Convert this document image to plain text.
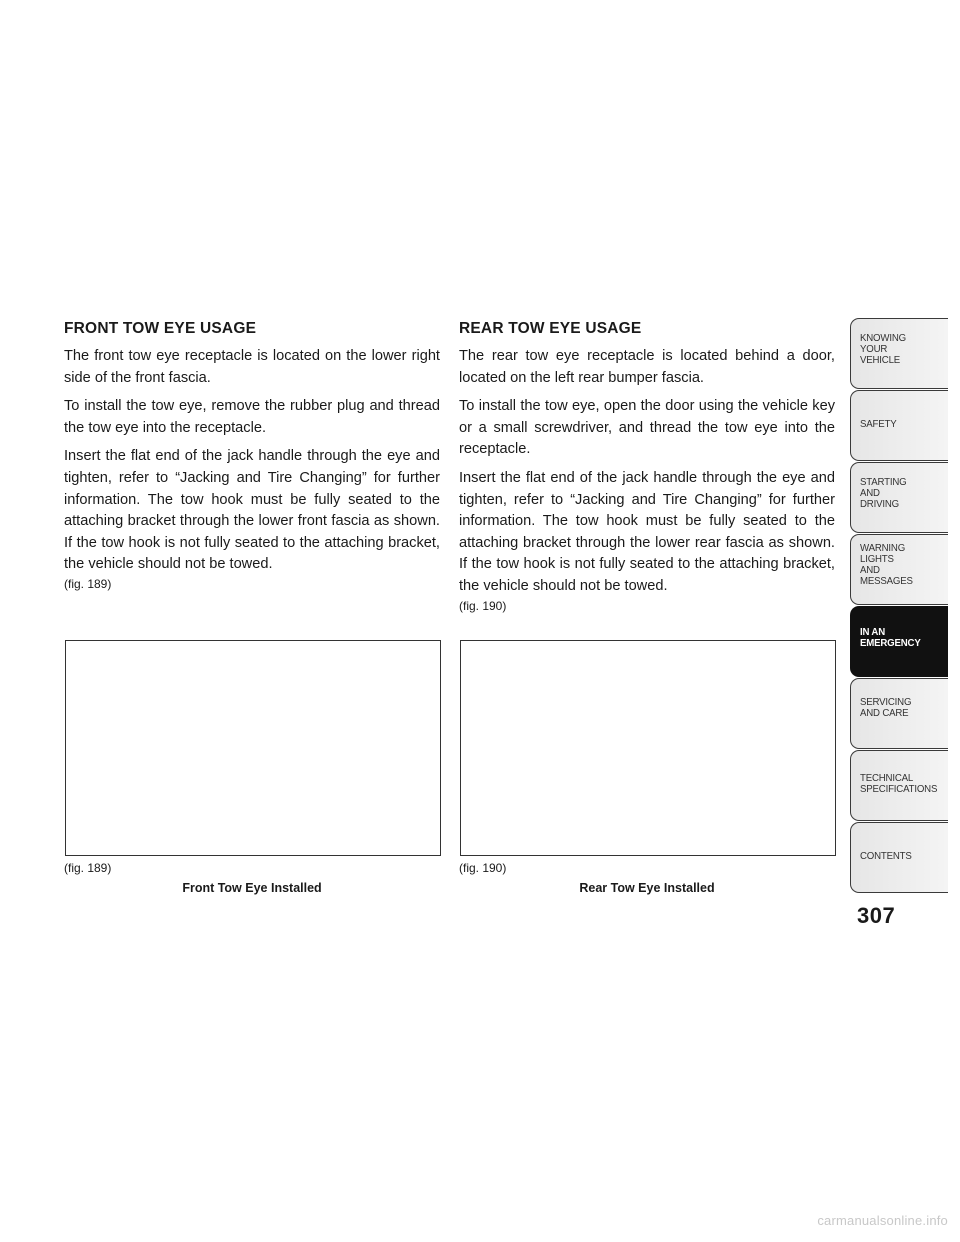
FRONT TOW EYE USAGE

The front tow eye receptacle is located on the lower right side of the front fascia.

To install the tow eye, remove the rubber plug and thread the tow eye into the receptacle.

Insert the flat end of the jack handle through the eye and tighten, refer to “Jacking and Tire Changing” for further information. The tow hook must be fully seated to the attaching bracket through the lower front fascia as shown. If the tow hook is not fully seated to the attaching bracket, the vehicle should not be towed.

(fig. 189)
REAR TOW EYE USAGE

The rear tow eye receptacle is located behind a door, located on the left rear bumper fascia.

To install the tow eye, open the door using the vehicle key or a small screwdriver, and thread the tow eye into the receptacle.

Insert the flat end of the jack handle through the eye and tighten, refer to “Jacking and Tire Changing” for further information. The tow hook must be fully seated to the attaching bracket through the lower rear fascia as shown. If the tow hook is not fully seated to the attaching bracket, the vehicle should not be towed.

(fig. 190)
(fig. 189)	(fig. 190)
Front Tow Eye Installed	Rear Tow Eye Installed
KNOWING
YOUR
VEHICLE
SAFETY
STARTING
AND
DRIVING
WARNING
LIGHTS
AND
MESSAGES
IN AN
EMERGENCY
SERVICING
AND CARE
TECHNICAL
SPECIFICATIONS
CONTENTS
307
carmanualsonline.info
